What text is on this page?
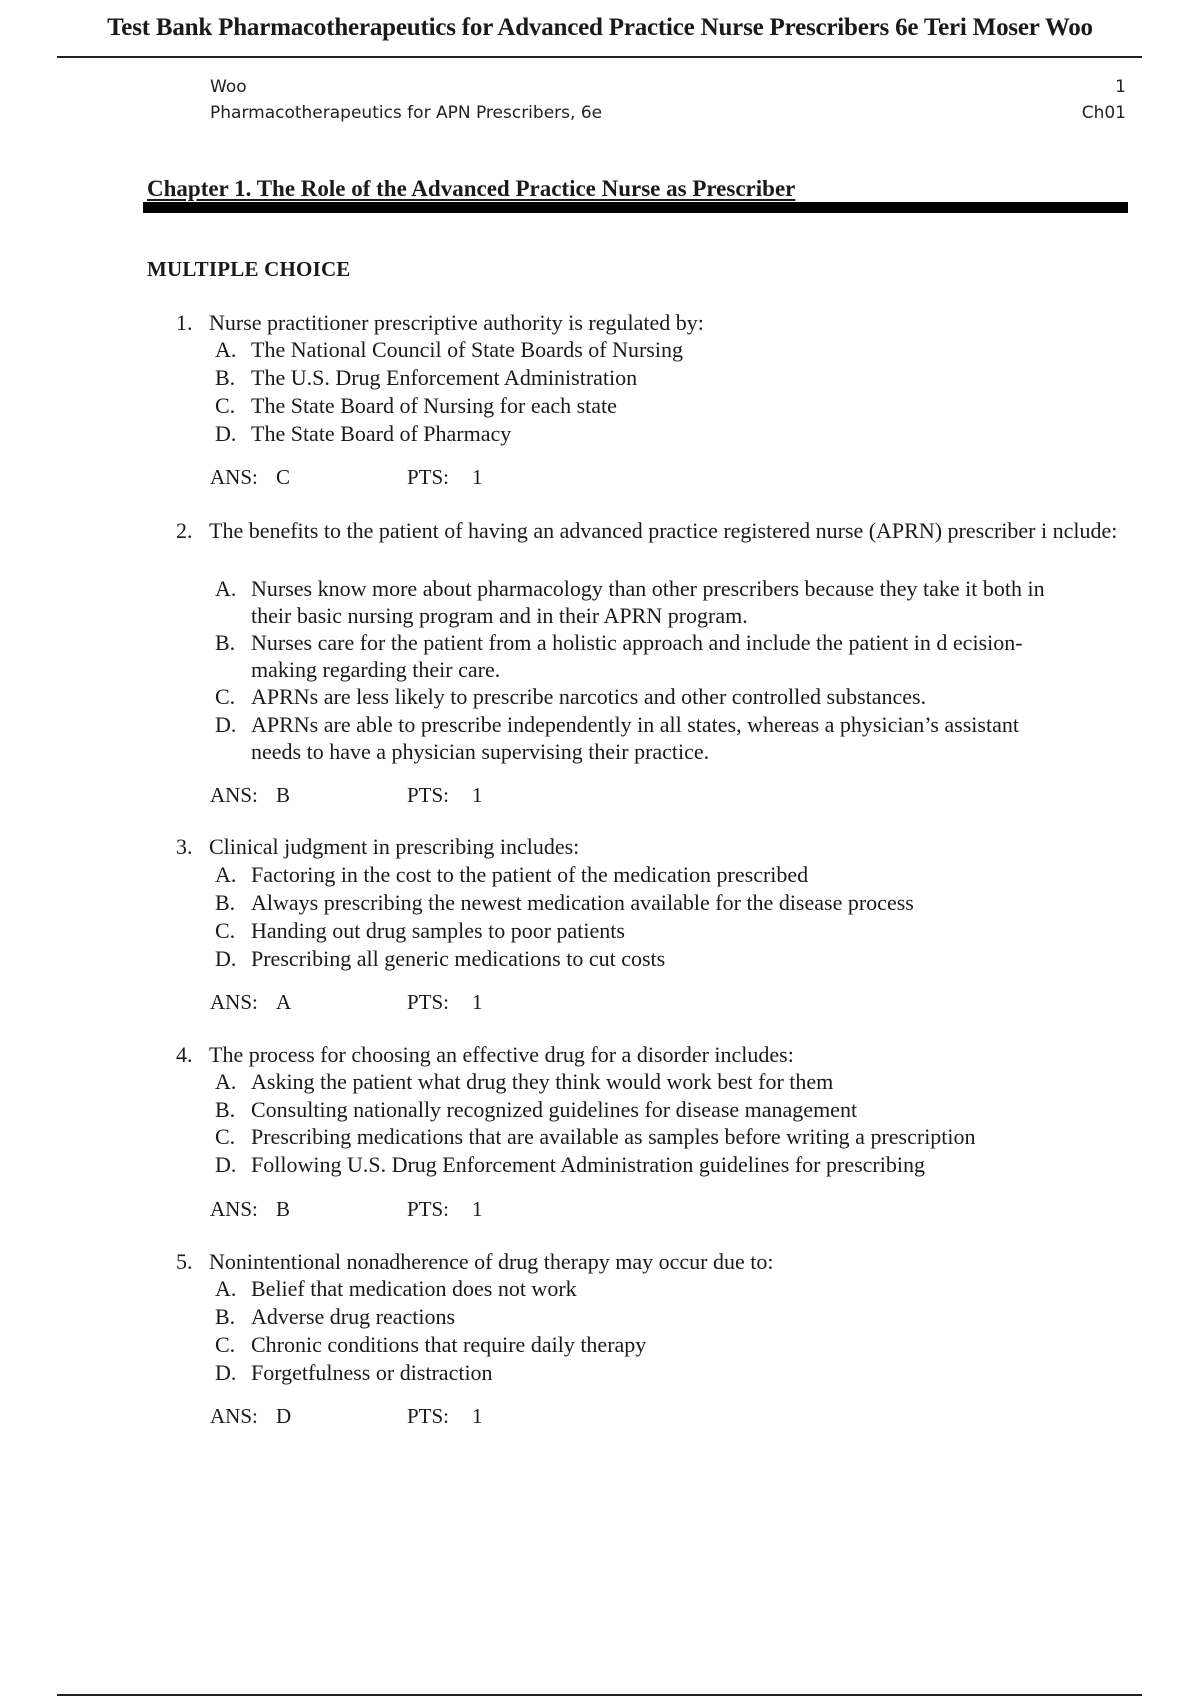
Test Bank Pharmacotherapeutics for Advanced Practice Nurse Prescribers 6e Teri Moser Woo
Woo
Pharmacotherapeutics for APN Prescribers, 6e
1
Ch01
Chapter 1. The Role of the Advanced Practice Nurse as Prescriber
MULTIPLE CHOICE
1. Nurse practitioner prescriptive authority is regulated by:
A. The National Council of State Boards of Nursing
B. The U.S. Drug Enforcement Administration
C. The State Board of Nursing for each state
D. The State Board of Pharmacy
ANS: C	PTS: 1
2. The benefits to the patient of having an advanced practice registered nurse (APRN) prescriber i nclude:
A. Nurses know more about pharmacology than other prescribers because they take it both in their basic nursing program and in their APRN program.
B. Nurses care for the patient from a holistic approach and include the patient in d ecision-making regarding their care.
C. APRNs are less likely to prescribe narcotics and other controlled substances.
D. APRNs are able to prescribe independently in all states, whereas a physician’s assistant needs to have a physician supervising their practice.
ANS: B	PTS: 1
3. Clinical judgment in prescribing includes:
A. Factoring in the cost to the patient of the medication prescribed
B. Always prescribing the newest medication available for the disease process
C. Handing out drug samples to poor patients
D. Prescribing all generic medications to cut costs
ANS: A	PTS: 1
4. The process for choosing an effective drug for a disorder includes:
A. Asking the patient what drug they think would work best for them
B. Consulting nationally recognized guidelines for disease management
C. Prescribing medications that are available as samples before writing a prescription
D. Following U.S. Drug Enforcement Administration guidelines for prescribing
ANS: B	PTS: 1
5. Nonintentional nonadherence of drug therapy may occur due to:
A. Belief that medication does not work
B. Adverse drug reactions
C. Chronic conditions that require daily therapy
D. Forgetfulness or distraction
ANS: D	PTS: 1
